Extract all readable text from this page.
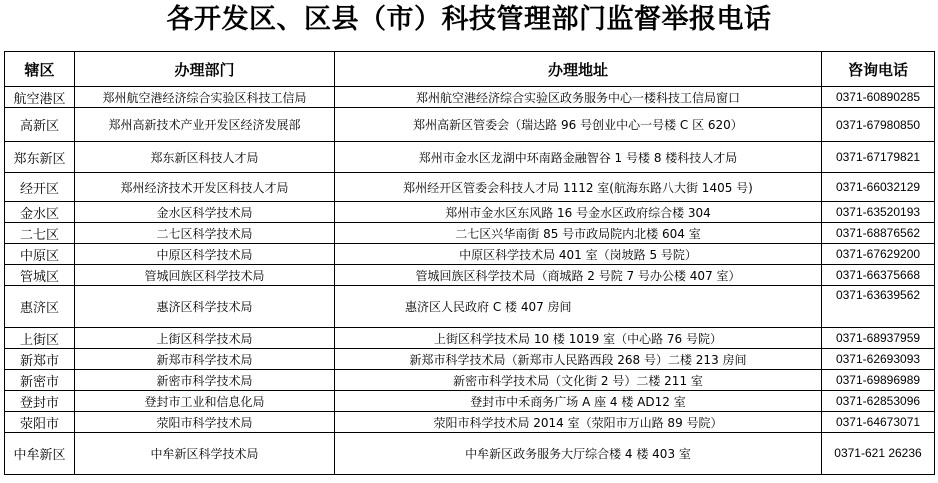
各开发区、区县（市）科技管理部门监督举报电话
辖区	办理部门	办理地址	咨询电话
航空港区	郑州航空港经济综合实验区科技工信局	郑州航空港经济综合实验区政务服务中心一楼科技工信局窗口	0371-60890285
高新区	郑州高新技术产业开发区经济发展部	郑州高新区管委会（瑞达路 96 号创业中心一号楼 C 区 620）	0371-67980850
郑东新区	郑东新区科技人才局	郑州市金水区龙湖中环南路金融智谷 1 号楼 8 楼科技人才局	0371-67179821
经开区	郑州经济技术开发区科技人才局	郑州经开区管委会科技人才局 1112 室(航海东路八大街 1405 号)	0371-66032129
金水区	金水区科学技术局	郑州市金水区东风路 16 号金水区政府综合楼 304	0371-63520193
二七区	二七区科学技术局	二七区兴华南街 85 号市政局院内北楼 604 室	0371-68876562
中原区	中原区科学技术局	中原区科学技术局 401 室（岗坡路 5 号院）	0371-67629200
管城区	管城回族区科学技术局	管城回族区科学技术局（商城路 2 号院 7 号办公楼 407 室）	0371-66375668
惠济区	惠济区科学技术局	惠济区人民政府 C 楼 407 房间	0371-63639562
上街区	上街区科学技术局	上街区科学技术局 10 楼 1019 室（中心路 76 号院）	0371-68937959
新郑市	新郑市科学技术局	新郑市科学技术局（新郑市人民路西段 268 号）二楼 213 房间	0371-62693093
新密市	新密市科学技术局	新密市科学技术局（文化街 2 号）二楼 211 室	0371-69896989
登封市	登封市工业和信息化局	登封市中禾商务广场 A 座 4 楼 AD12 室	0371-62853096
荥阳市	荥阳市科学技术局	荥阳市科学技术局 2014 室（荥阳市万山路 89 号院）	0371-64673071
中牟新区	中牟新区科学技术局	中牟新区政务服务大厅综合楼 4 楼 403 室	0371-621 26236
